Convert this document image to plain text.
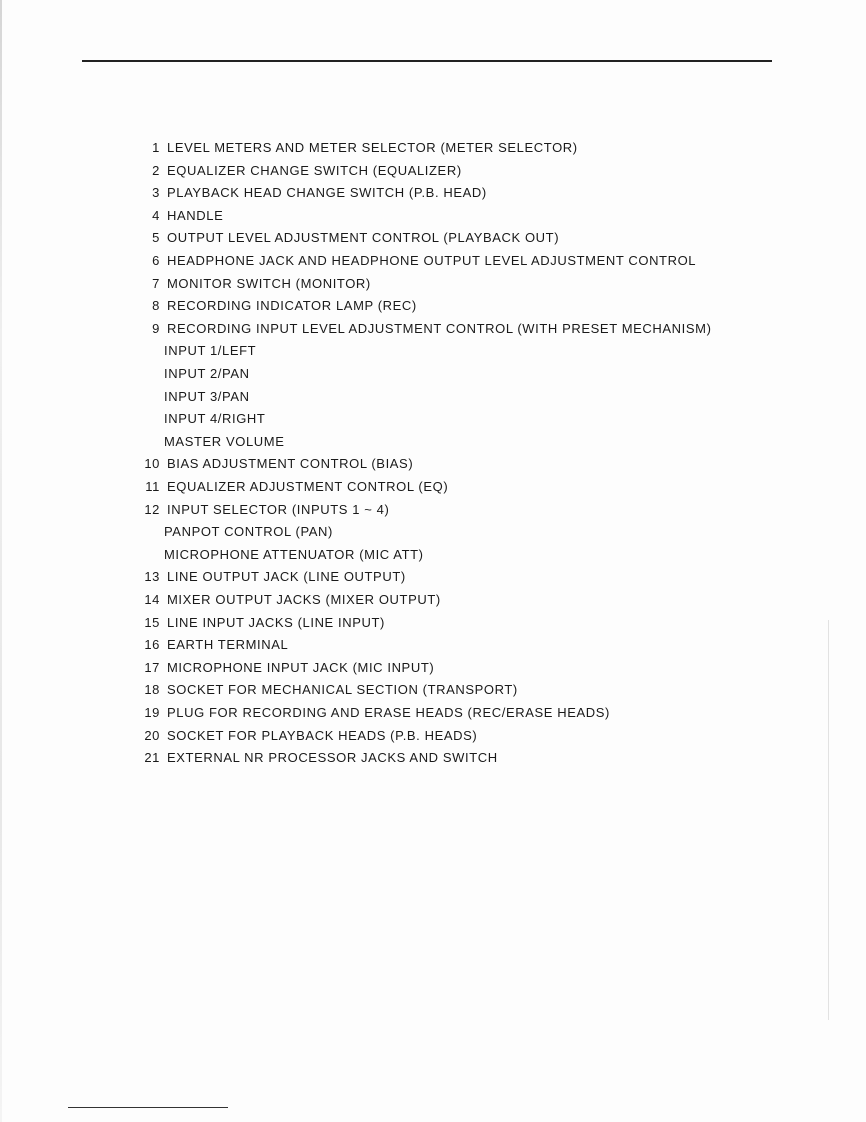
1 LEVEL METERS AND METER SELECTOR (METER SELECTOR)
2 EQUALIZER CHANGE SWITCH (EQUALIZER)
3 PLAYBACK HEAD CHANGE SWITCH (P.B. HEAD)
4 HANDLE
5 OUTPUT LEVEL ADJUSTMENT CONTROL (PLAYBACK OUT)
6 HEADPHONE JACK AND HEADPHONE OUTPUT LEVEL ADJUSTMENT CONTROL
7 MONITOR SWITCH (MONITOR)
8 RECORDING INDICATOR LAMP (REC)
9 RECORDING INPUT LEVEL ADJUSTMENT CONTROL (WITH PRESET MECHANISM)
INPUT 1/LEFT
INPUT 2/PAN
INPUT 3/PAN
INPUT 4/RIGHT
MASTER VOLUME
10 BIAS ADJUSTMENT CONTROL (BIAS)
11 EQUALIZER ADJUSTMENT CONTROL (EQ)
12 INPUT SELECTOR (INPUTS 1 ~ 4)
PANPOT CONTROL (PAN)
MICROPHONE ATTENUATOR (MIC ATT)
13 LINE OUTPUT JACK (LINE OUTPUT)
14 MIXER OUTPUT JACKS (MIXER OUTPUT)
15 LINE INPUT JACKS (LINE INPUT)
16 EARTH TERMINAL
17 MICROPHONE INPUT JACK (MIC INPUT)
18 SOCKET FOR MECHANICAL SECTION (TRANSPORT)
19 PLUG FOR RECORDING AND ERASE HEADS (REC/ERASE HEADS)
20 SOCKET FOR PLAYBACK HEADS (P.B. HEADS)
21 EXTERNAL NR PROCESSOR JACKS AND SWITCH
